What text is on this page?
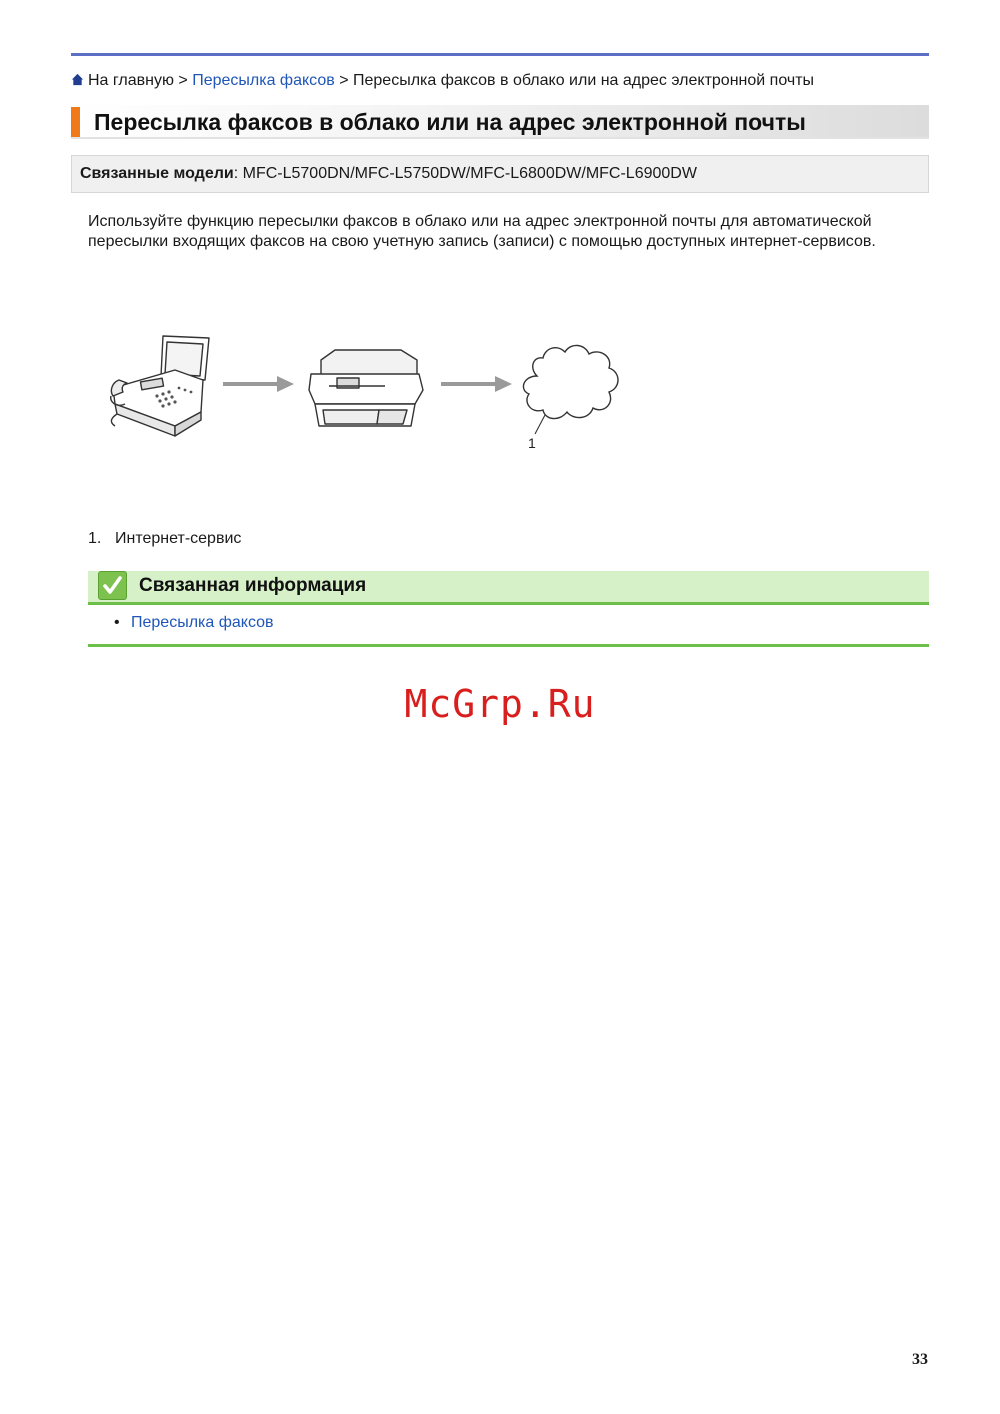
На главную > Пересылка факсов > Пересылка факсов в облако или на адрес электронной почты
Пересылка факсов в облако или на адрес электронной почты
Связанные модели: MFC-L5700DN/MFC-L5750DW/MFC-L6800DW/MFC-L6900DW
Используйте функцию пересылки факсов в облако или на адрес электронной почты для автоматической пересылки входящих факсов на свою учетную запись (записи) с помощью доступных интернет-сервисов.
1
1. Интернет-сервис
Связанная информация
• Пересылка факсов
McGrp.Ru
33
